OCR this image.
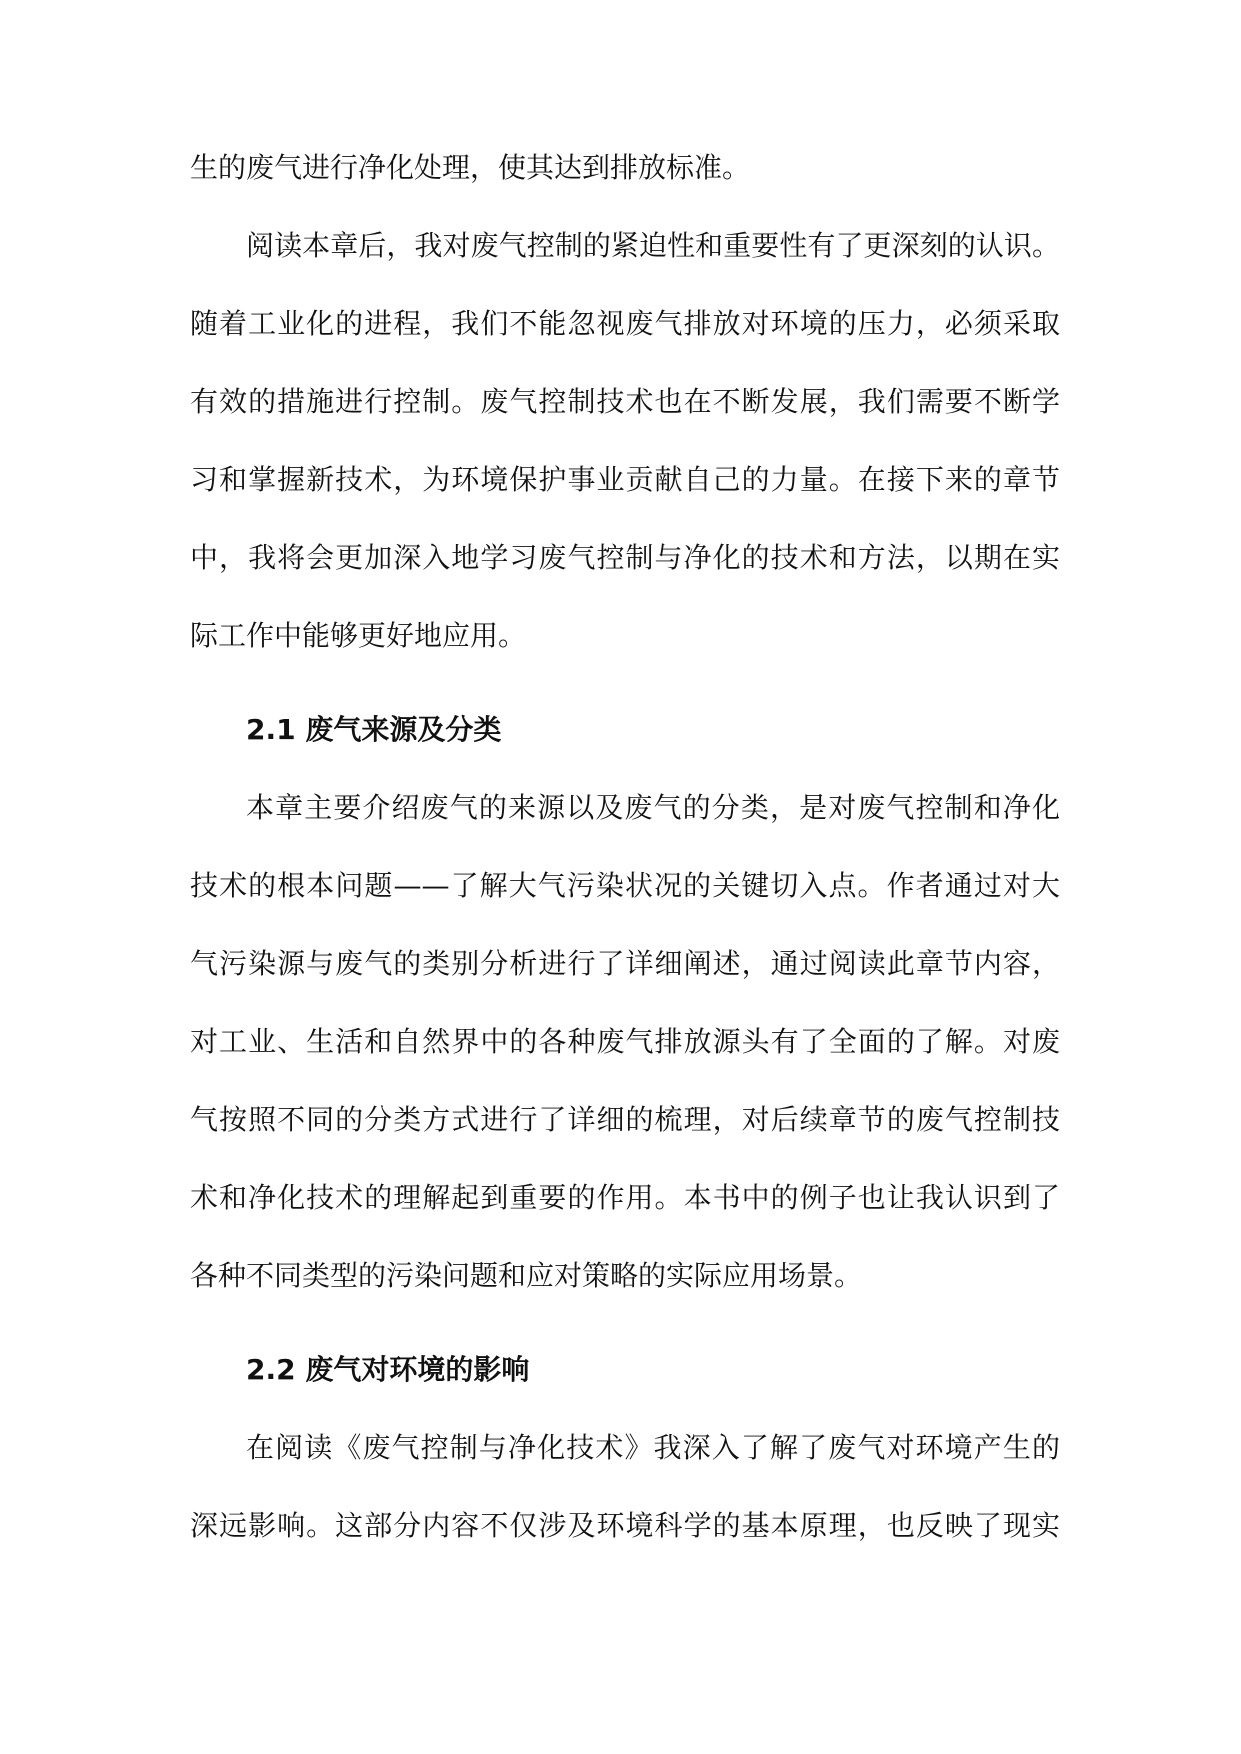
生的废气进行净化处理，使其达到排放标准。
阅读本章后，我对废气控制的紧迫性和重要性有了更深刻的认识。
随着工业化的进程，我们不能忽视废气排放对环境的压力，必须采取
有效的措施进行控制。废气控制技术也在不断发展，我们需要不断学
习和掌握新技术，为环境保护事业贡献自己的力量。在接下来的章节
中，我将会更加深入地学习废气控制与净化的技术和方法，以期在实
际工作中能够更好地应用。
2.1 废气来源及分类
本章主要介绍废气的来源以及废气的分类，是对废气控制和净化
技术的根本问题——了解大气污染状况的关键切入点。作者通过对大
气污染源与废气的类别分析进行了详细阐述，通过阅读此章节内容，
对工业、生活和自然界中的各种废气排放源头有了全面的了解。对废
气按照不同的分类方式进行了详细的梳理，对后续章节的废气控制技
术和净化技术的理解起到重要的作用。本书中的例子也让我认识到了
各种不同类型的污染问题和应对策略的实际应用场景。
2.2 废气对环境的影响
在阅读《废气控制与净化技术》我深入了解了废气对环境产生的
深远影响。这部分内容不仅涉及环境科学的基本原理，也反映了现实
